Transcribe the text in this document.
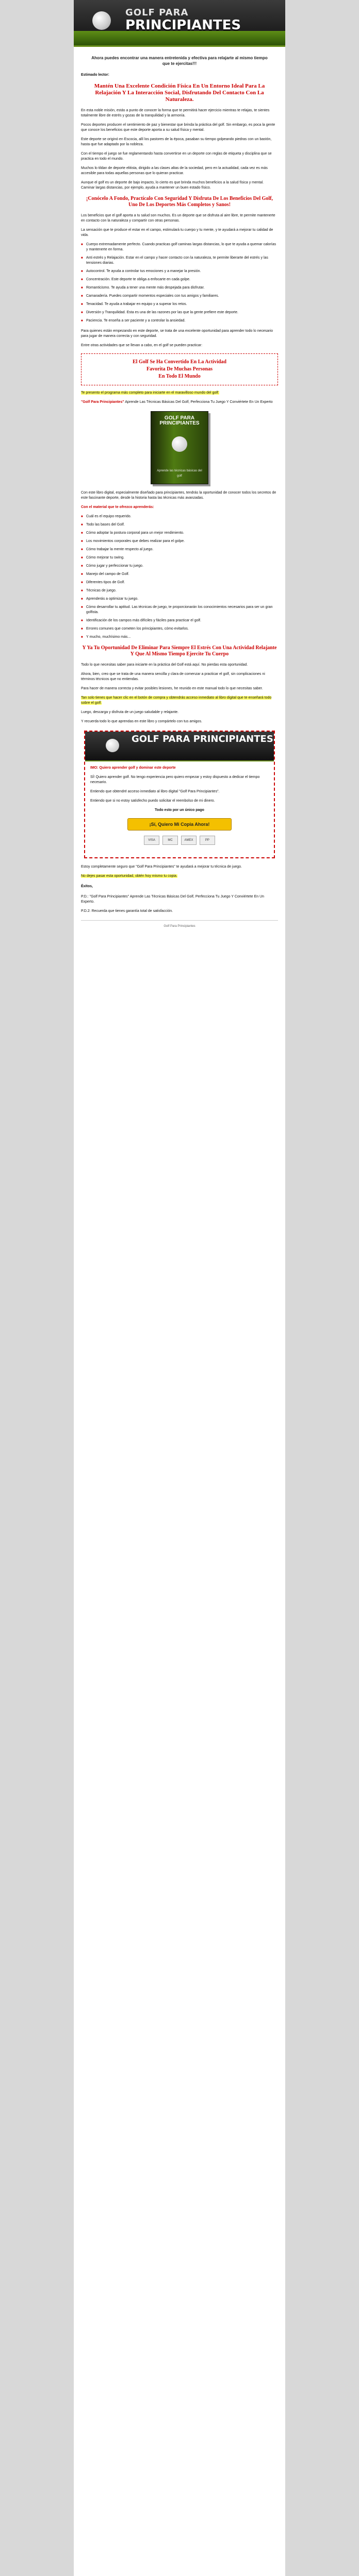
GOLF PARA
PRINCIPIANTES
Ahora puedes encontrar una manera entretenida y efectiva para relajarte al mismo tiempo que te ejercitas!!!
Estimado lector:
Mantén Una Excelente Condición Física En Un Entorno Ideal Para La Relajación Y La Interacción Social, Disfrutando Del Contacto Con La Naturaleza.

En esta noble misión, estás a punto de conocer la forma que te permitirá hacer ejercicio mientras te relajas, te sientes totalmente libre de estrés y gozas de la tranquilidad y la armonía.

Pocos deportes producen el sentimiento de paz y bienestar que brinda la práctica del golf. Sin embargo, es poca la gente que conoce los beneficios que este deporte aporta a su salud física y mental.

Este deporte se originó en Escocia, allí los pastores de la época, pasaban su tiempo golpeando piedras con un bastón, hasta que fue adaptado por la nobleza.

Con el tiempo el juego se fue reglamentando hasta convertirse en un deporte con reglas de etiqueta y disciplina que se practica en todo el mundo.

Muchos lo tildan de deporte elitista, dirigido a las clases altas de la sociedad, pero en la actualidad, cada vez es más accesible para todas aquellas personas que lo quieran practicar.

Aunque el golf es un deporte de bajo impacto, lo cierto es que brinda muchos beneficios a la salud física y mental. Caminar largas distancias, por ejemplo, ayuda a mantener un buen estado físico.

¡Conócelo A Fondo, Practícalo Con Seguridad Y Disfruta De Los Beneficios Del Golf, Uno De Los Deportes Más Completos y Sanos!

Los beneficios que el golf aporta a tu salud son muchos. Es un deporte que se disfruta al aire libre, te permite mantenerte en contacto con la naturaleza y compartir con otras personas.

La sensación que te produce el estar en el campo, estimulará tu cuerpo y tu mente, y te ayudará a mejorar tu calidad de vida.

■ Cuerpo extremadamente perfecto. Cuando practicas golf caminas largas distancias, lo que te ayuda a quemar calorías y mantenerte en forma.
■ Anti estrés y Relajación. Estar en el campo y hacer contacto con la naturaleza, te permite liberarte del estrés y las tensiones diarias.
■ Autocontrol. Te ayuda a controlar tus emociones y a manejar la presión.
■ Concentración. Este deporte te obliga a enfocarte en cada golpe.
■ Romanticismo. Te ayuda a tener una mente más despejada para disfrutar.
■ Camaradería. Puedes compartir momentos especiales con tus amigos y familiares.
■ Tenacidad. Te ayuda a trabajar en equipo y a superar los retos.
■ Diversión y Tranquilidad. Esta es una de las razones por las que la gente prefiere este deporte.
■ Paciencia. Te enseña a ser paciente y a controlar la ansiedad.

Para quienes están empezando en este deporte, se trata de una excelente oportunidad para aprender todo lo necesario para jugar de manera correcta y con seguridad.

Entre otras actividades que se llevan a cabo, en el golf se pueden practicar:

El Golf Se Ha Convertido En La Actividad
Favorita De Muchas Personas
En Todo El Mundo

Te presento el programa más completo para iniciarte en el maravilloso mundo del golf:

"Golf Para Principiantes" Aprende Las Técnicas Básicas Del Golf, Perfecciona Tu Juego Y Conviértete En Un Experto

GOLF PARA PRINCIPIANTES
Aprende las técnicas básicas del golf

Con este libro digital, especialmente diseñado para principiantes, tendrás la oportunidad de conocer todos los secretos de este fascinante deporte, desde la historia hasta las técnicas más avanzadas.

Con el material que te ofrezco aprenderás:

■ Cuál es el equipo requerido.
■ Todo las bases del Golf.
■ Cómo adoptar la postura corporal para un mejor rendimiento.
■ Los movimientos corporales que debes realizar para el golpe.
■ Cómo trabajar la mente respecto al juego.
■ Cómo mejorar tu swing.
■ Cómo jugar y perfeccionar tu juego.
■ Manejo del campo de Golf.
■ Diferentes tipos de Golf.
■ Técnicas de juego.
■ Aprenderás a optimizar tu juego.
■ Cómo desarrollar tu aptitud. Las técnicas de juego, te proporcionarán los conocimientos necesarios para ser un gran golfista.
■ Identificación de los campos más difíciles y fáciles para practicar el golf.
■ Errores comunes que cometen los principiantes, cómo evitarlos.
■ Y mucho, muchísimo más...
Y Ya Tu Oportunidad De Eliminar Para Siempre El Estrés Con Una Actividad Relajante Y Que Al Mismo Tiempo Ejercite Tu Cuerpo

Todo lo que necesitas saber para iniciarte en la práctica del Golf está aquí. No pierdas esta oportunidad.

Ahora, bien, creo que se trata de una manera sencilla y clara de comenzar a practicar el golf, sin complicaciones ni términos técnicos que no entiendas.

Para hacer de manera correcta y evitar posibles lesiones, he reunido en este manual todo lo que necesitas saber.

Tan solo tienes que hacer clic en el botón de compra y obtendrás acceso inmediato al libro digital que te enseñará todo sobre el golf.

Luego, descarga y disfruta de un juego saludable y relajante.

Y recuerda todo lo que aprendas en este libro y compártelo con tus amigos.

GOLF PARA PRINCIPIANTES

IMO: Quiero aprender golf y dominar este deporte

SÍ! Quiero aprender golf. No tengo experiencia pero quiero empezar y estoy dispuesto a dedicar el tiempo necesario.

Entiendo que obtendré acceso inmediato al libro digital "Golf Para Principiantes".

Entiendo que si no estoy satisfecho puedo solicitar el reembolso de mi dinero.

Todo esto por un único pago

¡Sí, Quiero Mi Copia Ahora!
VISA	MC	AMEX	PP

Estoy completamente seguro que "Golf Para Principiantes" te ayudará a mejorar tu técnica de juego.

No dejes pasar esta oportunidad, obtén hoy mismo tu copia.

Éxitos,

P.D.: "Golf Para Principiantes" Aprende Las Técnicas Básicas Del Golf, Perfecciona Tu Juego Y Conviértete En Un Experto.

P.D.2: Recuerda que tienes garantía total de satisfacción.

Golf Para Principiantes
